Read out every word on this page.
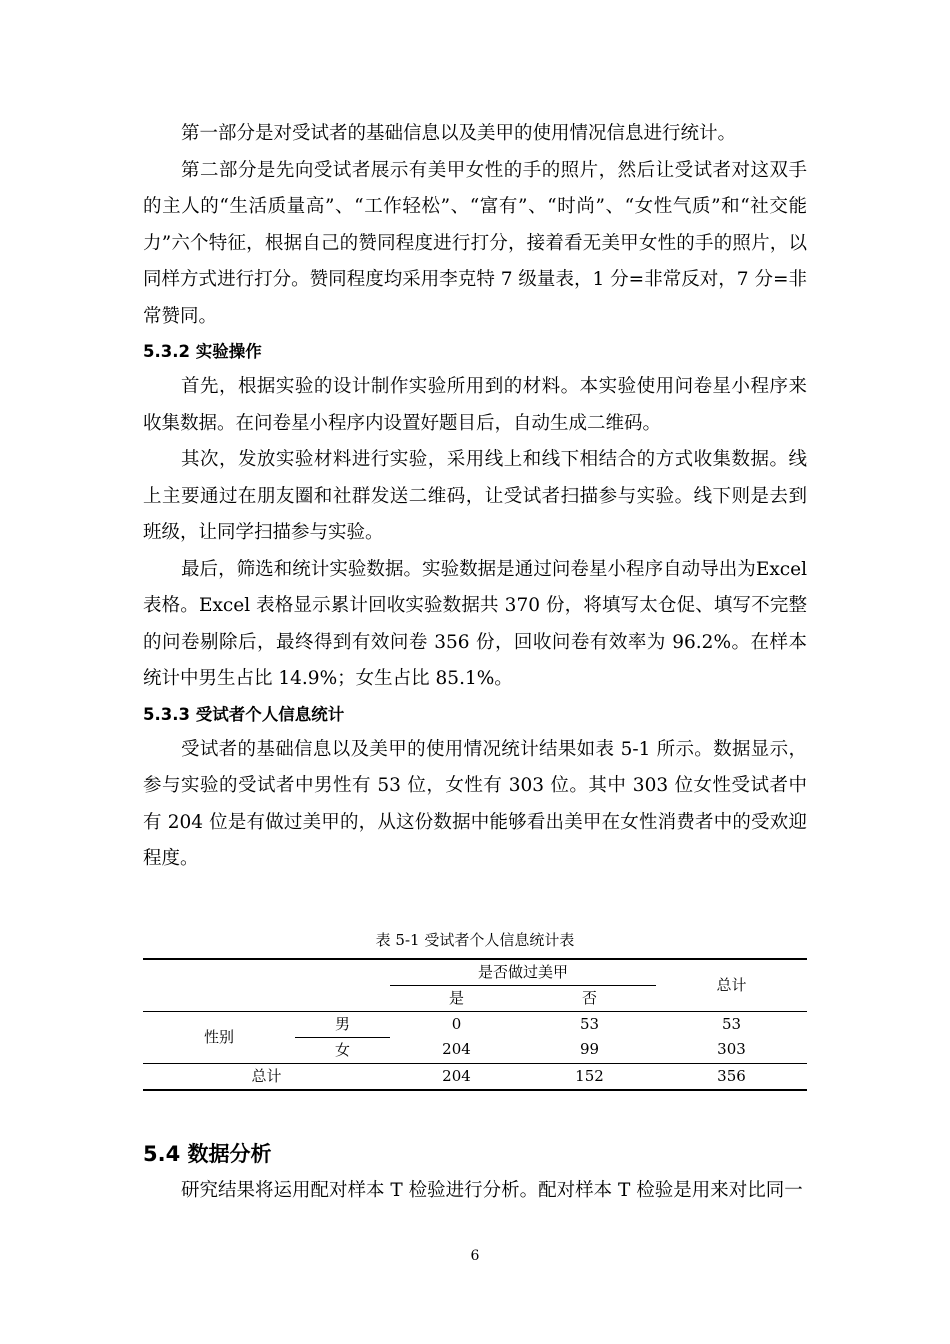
第一部分是对受试者的基础信息以及美甲的使用情况信息进行统计。

第二部分是先向受试者展示有美甲女性的手的照片，然后让受试者对这双手的主人的“生活质量高”、“工作轻松”、“富有”、“时尚”、“女性气质”和“社交能力”六个特征，根据自己的赞同程度进行打分，接着看无美甲女性的手的照片，以同样方式进行打分。赞同程度均采用李克特 7 级量表，1 分=非常反对，7 分=非常赞同。

5.3.2 实验操作

首先，根据实验的设计制作实验所用到的材料。本实验使用问卷星小程序来收集数据。在问卷星小程序内设置好题目后，自动生成二维码。

其次，发放实验材料进行实验，采用线上和线下相结合的方式收集数据。线上主要通过在朋友圈和社群发送二维码，让受试者扫描参与实验。线下则是去到班级，让同学扫描参与实验。

最后，筛选和统计实验数据。实验数据是通过问卷星小程序自动导出为Excel 表格。Excel 表格显示累计回收实验数据共 370 份，将填写太仓促、填写不完整的问卷剔除后，最终得到有效问卷 356 份，回收问卷有效率为 96.2%。在样本统计中男生占比 14.9%；女生占比 85.1%。

5.3.3 受试者个人信息统计

受试者的基础信息以及美甲的使用情况统计结果如表 5-1 所示。数据显示，参与实验的受试者中男性有 53 位，女性有 303 位。其中 303 位女性受试者中有 204 位是有做过美甲的，从这份数据中能够看出美甲在女性消费者中的受欢迎程度。

表 5-1 受试者个人信息统计表
		是否做过美甲		总计
		是	否	
性别	男	0	53	53
	女	204	99	303
总计		204	152	356
5.4 数据分析

研究结果将运用配对样本 T 检验进行分析。配对样本 T 检验是用来对比同一

6
